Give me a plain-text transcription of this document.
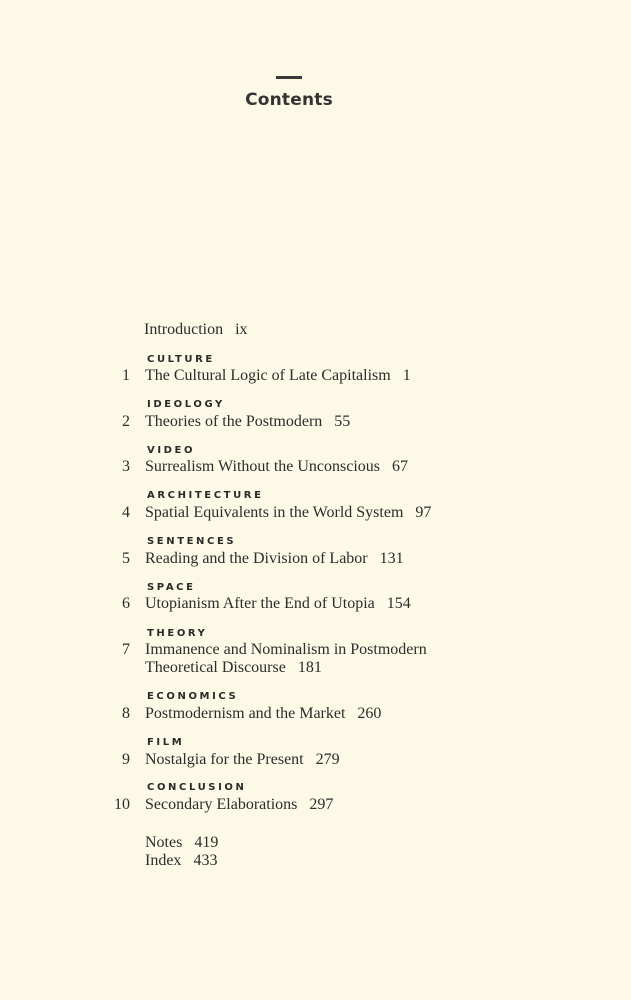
Contents
Introduction ix
CULTURE
1 The Cultural Logic of Late Capitalism 1
IDEOLOGY
2 Theories of the Postmodern 55
VIDEO
3 Surrealism Without the Unconscious 67
ARCHITECTURE
4 Spatial Equivalents in the World System 97
SENTENCES
5 Reading and the Division of Labor 131
SPACE
6 Utopianism After the End of Utopia 154
THEORY
7 Immanence and Nominalism in Postmodern
Theoretical Discourse 181
ECONOMICS
8 Postmodernism and the Market 260
FILM
9 Nostalgia for the Present 279
CONCLUSION
10 Secondary Elaborations 297
Notes 419
Index 433
